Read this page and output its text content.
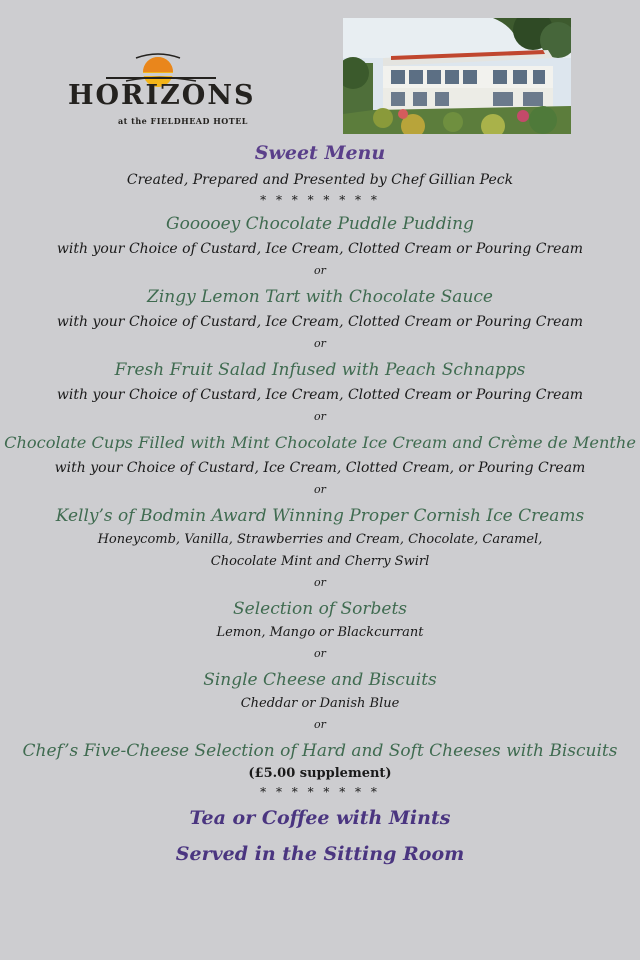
HORIZONS
at the FIELDHEAD HOTEL
Sweet Menu
Created, Prepared and Presented by Chef Gillian Peck
* * * * * * * *
Gooooey Chocolate Puddle Pudding
with your Choice of Custard, Ice Cream, Clotted Cream or Pouring Cream
or
Zingy Lemon Tart with Chocolate Sauce
with your Choice of Custard, Ice Cream, Clotted Cream or Pouring Cream
or
Fresh Fruit Salad Infused with Peach Schnapps
with your Choice of Custard, Ice Cream, Clotted Cream or Pouring Cream
or
Chocolate Cups Filled with Mint Chocolate Ice Cream and Crème de Menthe
with your Choice of Custard, Ice Cream, Clotted Cream, or Pouring Cream
or
Kelly’s of Bodmin Award Winning Proper Cornish Ice Creams
Honeycomb, Vanilla, Strawberries and Cream, Chocolate, Caramel,
Chocolate Mint and Cherry Swirl
or
Selection of Sorbets
Lemon, Mango or Blackcurrant
or
Single Cheese and Biscuits
Cheddar or Danish Blue
or
Chef’s Five-Cheese Selection of Hard and Soft Cheeses with Biscuits
(£5.00 supplement)
* * * * * * * *
Tea or Coffee with Mints
Served in the Sitting Room
